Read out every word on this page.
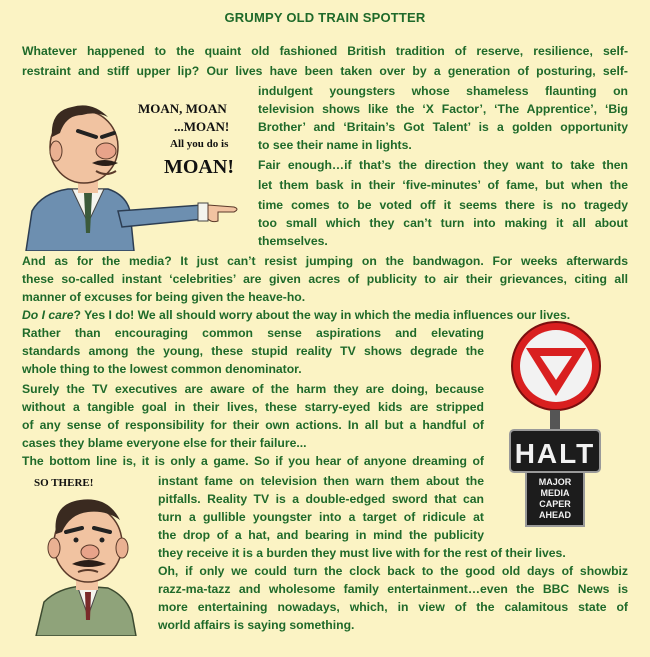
GRUMPY OLD TRAIN SPOTTER
Whatever happened to the quaint old fashioned British tradition of reserve, resilience, self-
restraint and stiff upper lip? Our lives have been taken over by a generation of posturing, self-
indulgent youngsters whose shameless flaunting on
television shows like the ‘X Factor’, ‘The Apprentice’, ‘Big
Brother’ and ‘Britain’s Got Talent’ is a golden opportunity
to see their name in lights.
Fair enough…if that’s the direction they want to take then
let them bask in their ‘five-minutes’ of fame, but when the
time comes to be voted off it seems there is no tragedy
too small which they can’t turn into making it all about
themselves.
And as for the media? It just can’t resist jumping on the bandwagon. For weeks afterwards
these so-called instant ‘celebrities’ are given acres of publicity to air their grievances, citing all
manner of excuses for being given the heave-ho.
Do I care? Yes I do! We all should worry about the way in which the media influences our lives.
Rather than encouraging common sense aspirations and elevating
standards among the young, these stupid reality TV shows degrade the
whole thing to the lowest common denominator.
Surely the TV executives are aware of the harm they are doing, because
without a tangible goal in their lives, these starry-eyed kids are stripped
of any sense of responsibility for their own actions. In all but a handful of
cases they blame everyone else for their failure...
The bottom line is, it is only a game. So if you hear of anyone dreaming of
instant fame on television then warn them about the
pitfalls. Reality TV is a double-edged sword that can
turn a gullible youngster into a target of ridicule at
the drop of a hat, and bearing in mind the publicity
they receive it is a burden they must live with for the rest of their lives.
Oh, if only we could turn the clock back to the good old days of showbiz
razz-ma-tazz and wholesome family entertainment…even the BBC News is
more entertaining nowadays, which, in view of the calamitous state of
world affairs is saying something.
MOAN, MOAN
...MOAN!
All you do is
MOAN!
HALT
MAJOR
MEDIA
CAPER
AHEAD
SO THERE!
